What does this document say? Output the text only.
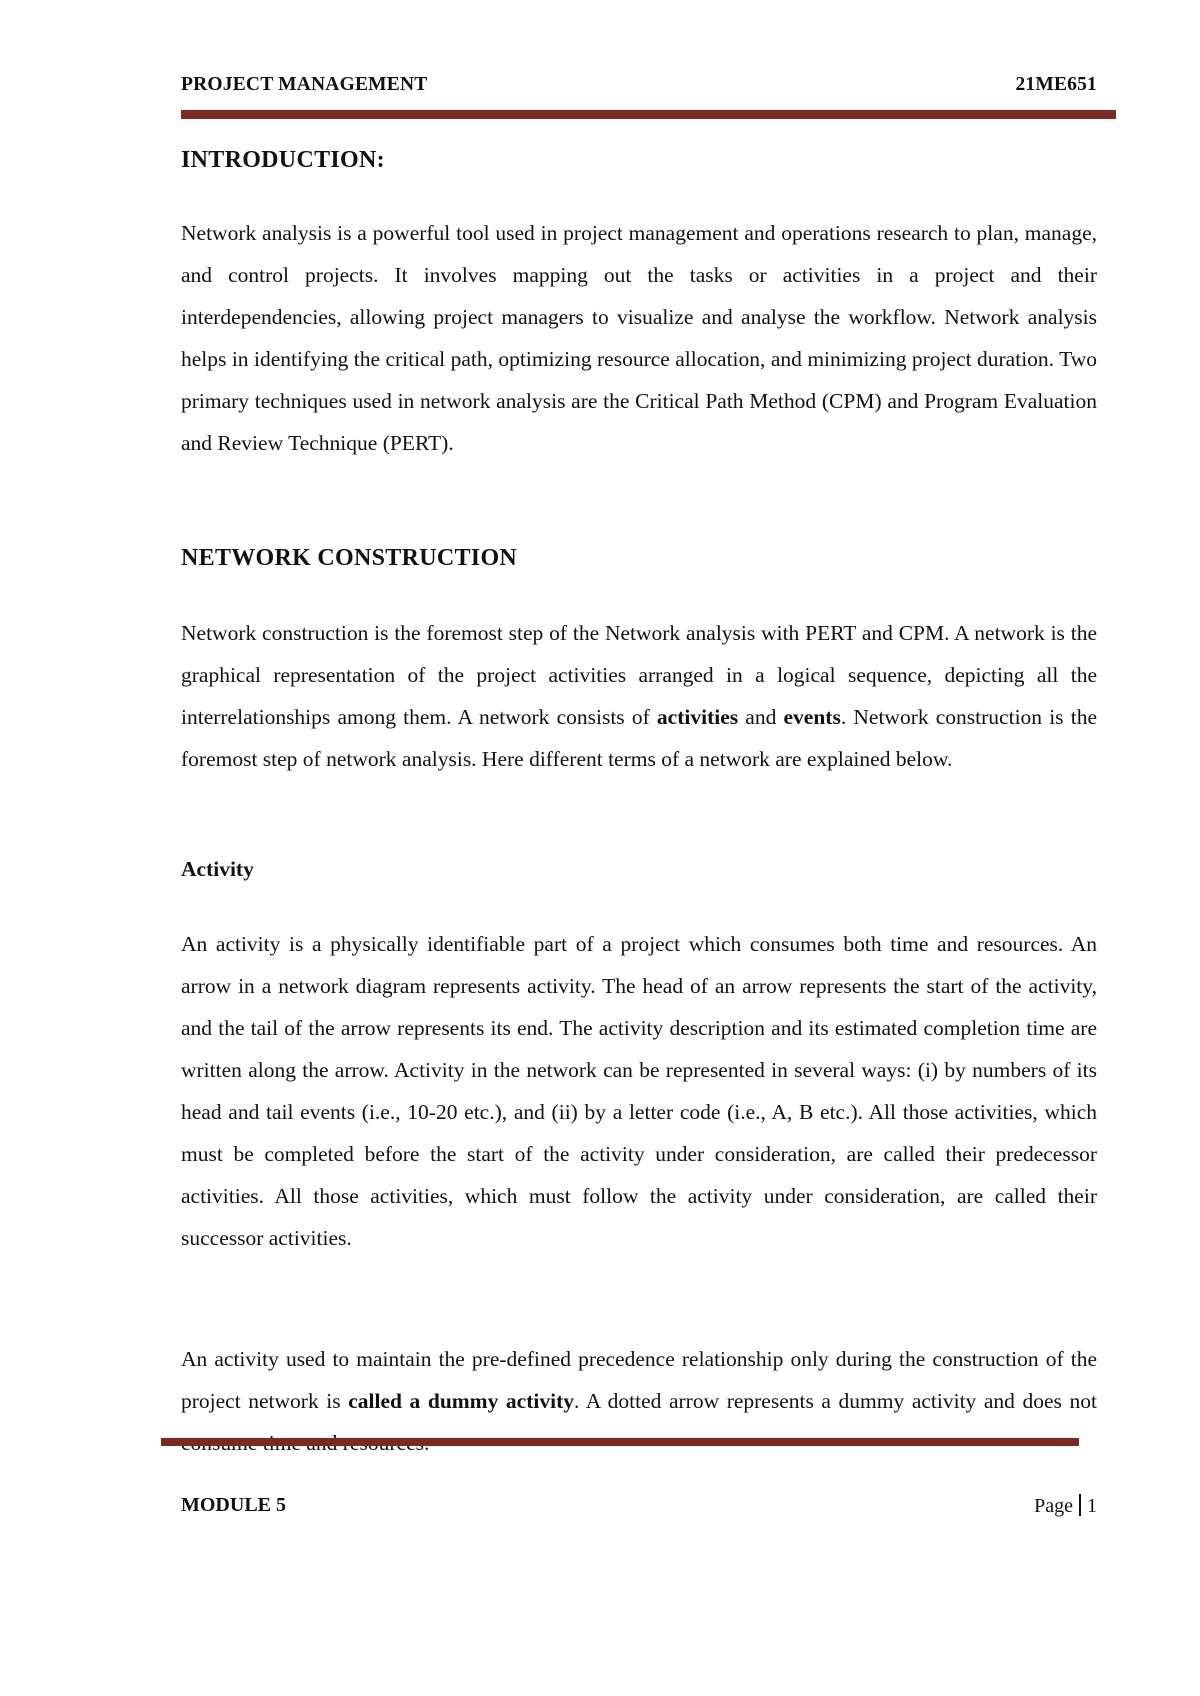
PROJECT MANAGEMENT	21ME651
INTRODUCTION:

Network analysis is a powerful tool used in project management and operations research to plan, manage, and control projects. It involves mapping out the tasks or activities in a project and their interdependencies, allowing project managers to visualize and analyse the workflow. Network analysis helps in identifying the critical path, optimizing resource allocation, and minimizing project duration. Two primary techniques used in network analysis are the Critical Path Method (CPM) and Program Evaluation and Review Technique (PERT).

NETWORK CONSTRUCTION

Network construction is the foremost step of the Network analysis with PERT and CPM. A network is the graphical representation of the project activities arranged in a logical sequence, depicting all the interrelationships among them. A network consists of activities and events. Network construction is the foremost step of network analysis. Here different terms of a network are explained below.

Activity

An activity is a physically identifiable part of a project which consumes both time and resources. An arrow in a network diagram represents activity. The head of an arrow represents the start of the activity, and the tail of the arrow represents its end. The activity description and its estimated completion time are written along the arrow. Activity in the network can be represented in several ways: (i) by numbers of its head and tail events (i.e., 10-20 etc.), and (ii) by a letter code (i.e., A, B etc.). All those activities, which must be completed before the start of the activity under consideration, are called their predecessor activities. All those activities, which must follow the activity under consideration, are called their successor activities.

An activity used to maintain the pre-defined precedence relationship only during the construction of the project network is called a dummy activity. A dotted arrow represents a dummy activity and does not

MODULE 5	Page 1
